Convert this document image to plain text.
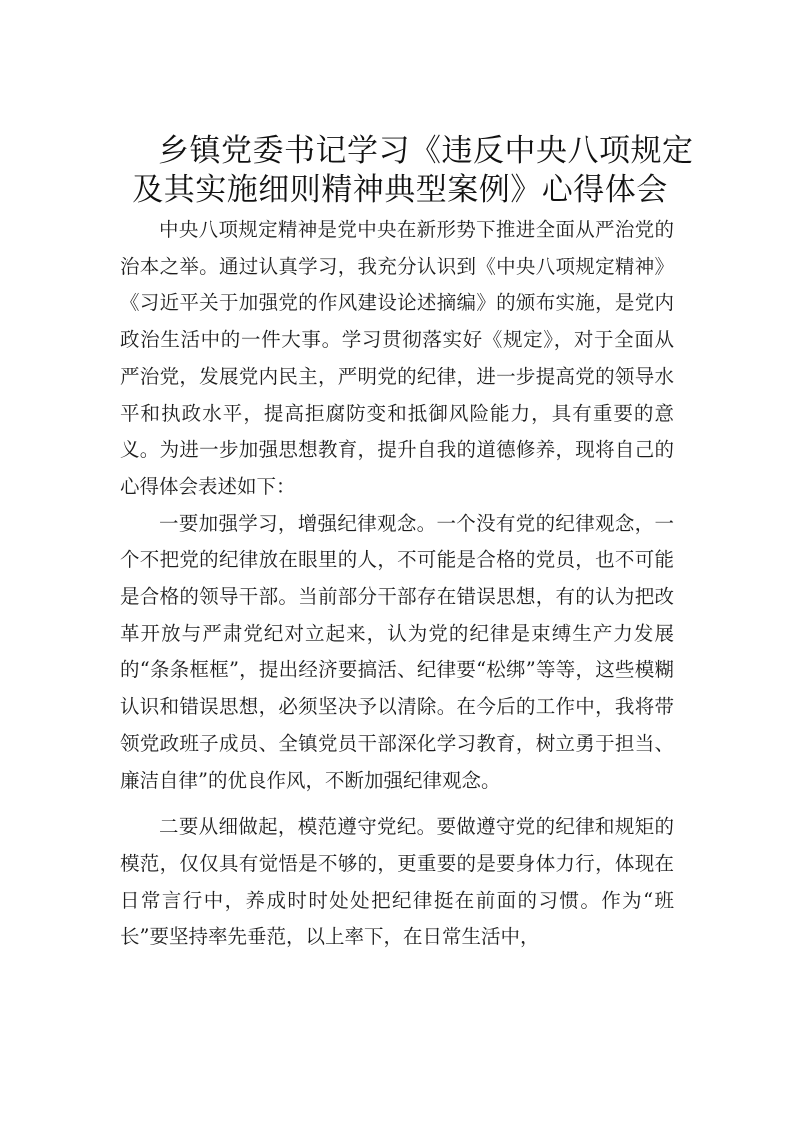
乡镇党委书记学习《违反中央八项规定
及其实施细则精神典型案例》心得体会

中央八项规定精神是党中央在新形势下推进全面从严治党的治本之举。通过认真学习，我充分认识到《中央八项规定精神》《习近平关于加强党的作风建设论述摘编》的颁布实施，是党内政治生活中的一件大事。学习贯彻落实好《规定》，对于全面从严治党，发展党内民主，严明党的纪律，进一步提高党的领导水平和执政水平，提高拒腐防变和抵御风险能力，具有重要的意义。为进一步加强思想教育，提升自我的道德修养，现将自己的心得体会表述如下：

一要加强学习，增强纪律观念。一个没有党的纪律观念，一个不把党的纪律放在眼里的人，不可能是合格的党员，也不可能是合格的领导干部。当前部分干部存在错误思想，有的认为把改革开放与严肃党纪对立起来，认为党的纪律是束缚生产力发展的“条条框框”，提出经济要搞活、纪律要“松绑”等等，这些模糊认识和错误思想，必须坚决予以清除。在今后的工作中，我将带领党政班子成员、全镇党员干部深化学习教育，树立勇于担当、廉洁自律”的优良作风，不断加强纪律观念。

二要从细做起，模范遵守党纪。要做遵守党的纪律和规矩的模范，仅仅具有觉悟是不够的，更重要的是要身体力行，体现在日常言行中，养成时时处处把纪律挺在前面的习惯。作为“班长”要坚持率先垂范，以上率下，在日常生活中，
